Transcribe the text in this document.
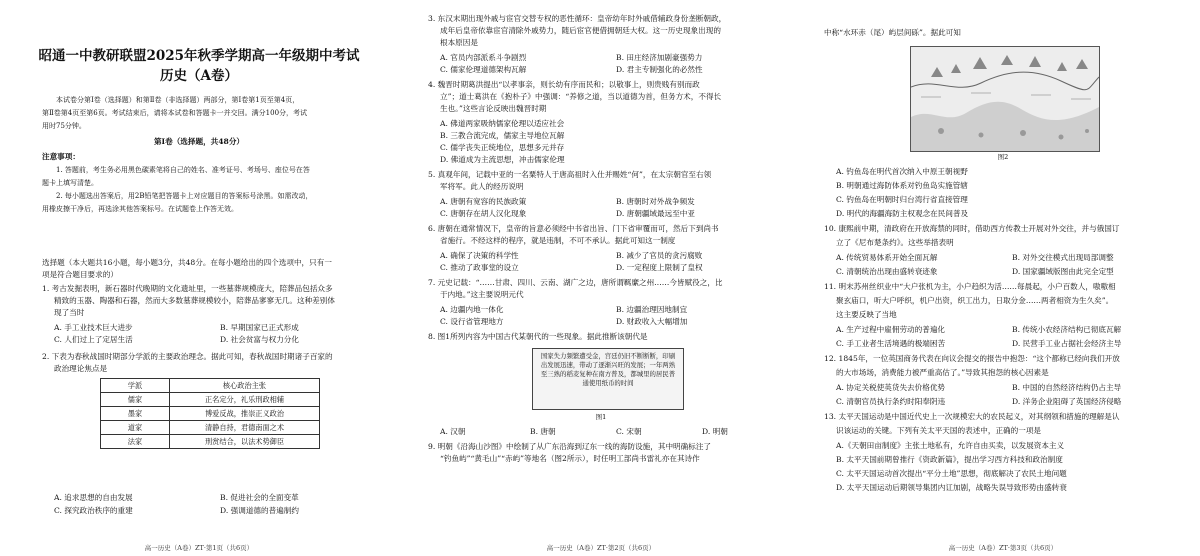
昭通一中教研联盟2025年秋季学期高一年级期中考试
历史（A卷）
本试卷分第Ⅰ卷（选择题）和第Ⅱ卷（非选择题）两部分，第Ⅰ卷第1页至第4页，
第Ⅱ卷第4页至第6页。考试结束后，请将本试卷和答题卡一并交回。满分100分，考试
用时75分钟。
第Ⅰ卷（选择题，共48分）
注意事项：
1. 答题前，考生务必用黑色碳素笔将自己的姓名、准考证号、考场号、座位号在答
题卡上填写清楚。
2. 每小题选出答案后，用2B铅笔把答题卡上对应题目的答案标号涂黑。如需改动，
用橡皮擦干净后，再选涂其他答案标号。在试题卷上作答无效。
选择题（本大题共16小题，每小题3分，共48分。在每小题给出的四个选项中，只有一
项是符合题目要求的）
1. 考古发掘表明，新石器时代晚期的文化遗址里，一些墓葬规模庞大，陪葬品包括众多
精致的玉器、陶器和石器，然而大多数墓葬规模较小，陪葬品寥寥无几。这种差别体
现了当时
A. 手工业技术巨大进步	B. 早期国家已正式形成
C. 人们过上了定居生活	D. 社会贫富与权力分化
2. 下表为春秋战国时期部分学派的主要政治理念。据此可知，春秋战国时期诸子百家的
政治理论焦点是
学派	核心政治主张
儒家	正名定分，礼乐刑政相辅
墨家	博爱反战，推崇正义政治
道家	清静自持，君德南面之术
法家	刑赏结合，以法术势御臣
A. 追求思想的自由发展	B. 促进社会的全面变革
C. 探究政治秩序的重建	D. 强调道德的普遍制约
高一历史（A卷）ZT·第1页（共6页）
3. 东汉末期出现外戚与宦官交替专权的恶性循环：皇帝幼年时外戚借辅政身份垄断朝政，
成年后皇帝依靠宦官清除外戚势力，随后宦官便借拥朝廷大权。这一历史现象出现的
根本原因是
A. 官员内部派系斗争剧烈	B. 田庄经济加剧豪强势力
C. 儒家伦理道德架构瓦解	D. 君主专制强化的必然性
4. 魏晋时期葛洪提出“以孝事亲，则长幼有序而民和；以敬事上，则贵贱有别而政
立”；道士葛洪在《抱朴子》中强调：“养修之道，当以道德为首，但务方术，不得长
生也。”这些言论反映出魏晋时期
A. 佛道两家吸纳儒家伦理以适应社会
B. 三教合流完成，儒家主导地位瓦解
C. 儒学丧失正统地位，思想多元并存
D. 佛道成为主流思想，冲击儒家伦理
5. 真观年间，记载中亚的一名粟特人于唐高祖时入仕并赐姓“何”，在太宗朝官至右领
军将军。此人的经历说明
A. 唐朝有宽容的民族政策	B. 唐朝时对外战争频发
C. 唐朝存在胡人汉化现象	D. 唐朝疆域最远至中亚
6. 唐朝在通常情况下，皇帝的旨意必须经中书省出旨、门下省审覆而可，然后下到尚书
省施行。不经这样的程序，就是违制，不可不承认。据此可知这一制度
A. 确保了决策的科学性	B. 减少了官员的贪污腐败
C. 推动了政事堂的设立	D. 一定程度上限制了皇权
7. 元史记载：“……甘肃、四川、云南、湖广之边，唐所谓羁縻之州……今皆赋役之，比
于内地。”这主要说明元代
A. 边疆内地一体化	B. 边疆治理因地制宜
C. 设行省管理地方	D. 财政收入大幅增加
8. 图1所列内容为中国古代某朝代的一些现象。据此推断该朝代是
国家失力频繁遭受金，宫廷仍旧不断断断，印刷出发展迅速，带动了逐渐兴旺的发展；一年两熟至三熟的稻麦复种在南方普及，都城里的居民普通使用纸币的时间
图1
A. 汉朝	B. 唐朝	C. 宋朝	D. 明朝
9. 明朝《沿海山沙图》中绘制了从广东沿海到辽东一线的海防设施，其中明确标注了
“钓鱼屿”“黄毛山”“赤屿”等地名（图2所示），时任明工部尚书雷礼亦在其诗作
高一历史（A卷）ZT·第2页（共6页）
中称“水环赤（尾）屿层间砾”。据此可知
图2
A. 钓鱼岛在明代首次纳入中原王朝视野
B. 明朝通过海防体系对钓鱼岛实施管辖
C. 钓鱼岛在明朝时归台湾行省直接管理
D. 明代的海疆海防主权观念在民间普及
10. 康熙前中期，清政府在开放海禁的同时，借助西方传教士开展对外交往，并与俄国订
立了《尼布楚条约》。这些举措表明
A. 传统贸易体系开始全面瓦解	B. 对外交往模式出现局部调整
C. 清朝统治出现由盛转衰迹象	D. 国家疆域版图由此完全定型
11. 明末苏州丝织业中“大户张机为主，小户趋织为活……每晨起，小户百数人，嗷嗷相
聚玄庙口，听大户呼织，机户出资，织工出力，日取分金……两者相资为生久矣”。
这主要反映了当地
A. 生产过程中雇佣劳动的普遍化	B. 传统小农经济结构已彻底瓦解
C. 手工业者生活境遇的极端困苦	D. 民营手工业占据社会经济主导
12. 1845年，一位英国商务代表在向议会提交的报告中抱怨：“这个都称已经向我们开放
的大市场场，消费能力被严重高估了。”导致其抱怨的核心因素是
A. 协定关税使英货失去价格优势	B. 中国的自然经济结构仍占主导
C. 清朝官员执行条约时阳奉阴违	D. 洋务企业阻碍了英国经济侵略
13. 太平天国运动是中国近代史上一次规模宏大的农民起义，对其纲领和措施的理解是认
识该运动的关键。下列有关太平天国的表述中，正确的一项是
A.《天朝田亩制度》主张土地私有，允许自由买卖，以发展资本主义
B. 太平天国前期曾推行《资政新篇》，提出学习西方科技和政治制度
C. 太平天国运动首次提出“平分土地”思想，彻底解决了农民土地问题
D. 太平天国运动后期领导集团内讧加剧，战略失误导致形势由盛转衰
高一历史（A卷）ZT·第3页（共6页）
